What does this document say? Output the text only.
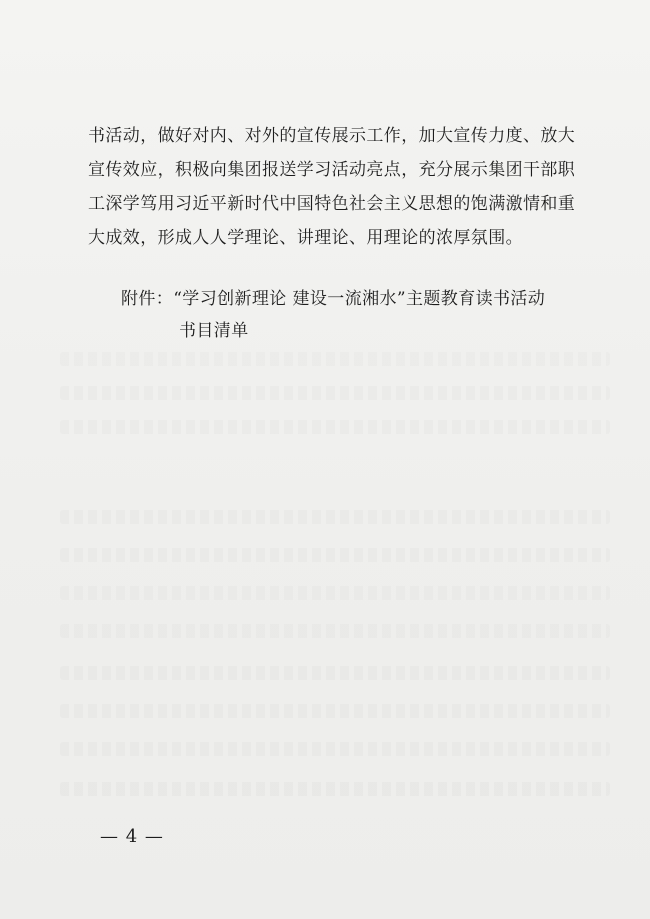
书活动，做好对内、对外的宣传展示工作，加大宣传力度、放大
宣传效应，积极向集团报送学习活动亮点，充分展示集团干部职
工深学笃用习近平新时代中国特色社会主义思想的饱满激情和重
大成效，形成人人学理论、讲理论、用理论的浓厚氛围。
附件：“学习创新理论 建设一流湘水”主题教育读书活动
书目清单
— 4 —
